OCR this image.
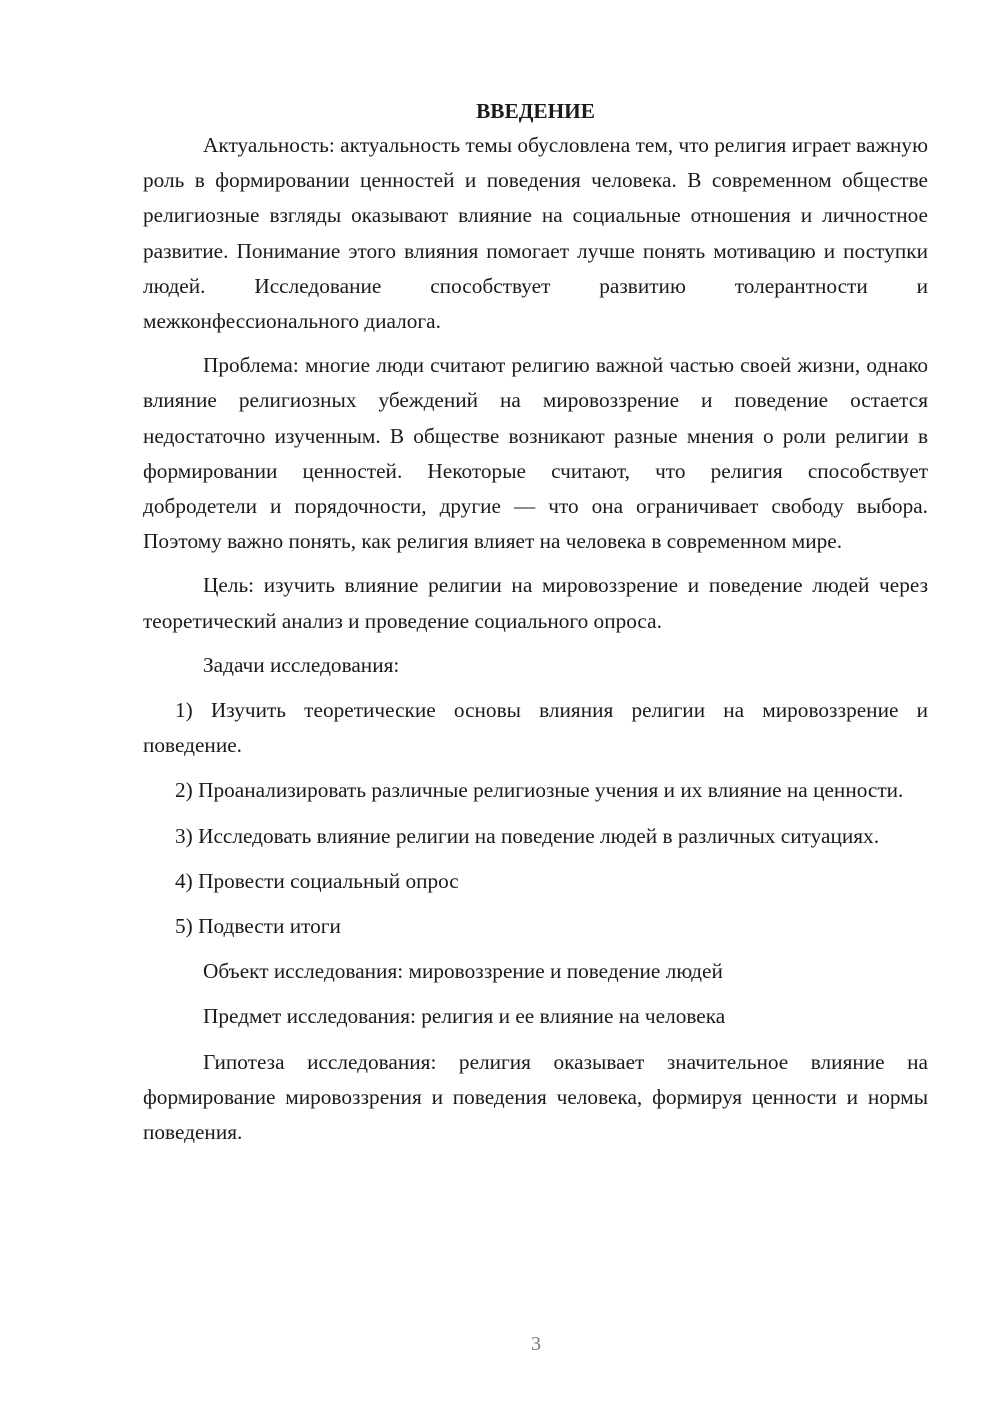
ВВЕДЕНИЕ

Актуальность: актуальность темы обусловлена тем, что религия играет важную роль в формировании ценностей и поведения человека. В современном обществе религиозные взгляды оказывают влияние на социальные отношения и личностное развитие. Понимание этого влияния помогает лучше понять мотивацию и поступки людей. Исследование способствует развитию толерантности и межконфессионального диалога.

Проблема: многие люди считают религию важной частью своей жизни, однако влияние религиозных убеждений на мировоззрение и поведение остается недостаточно изученным. В обществе возникают разные мнения о роли религии в формировании ценностей. Некоторые считают, что религия способствует добродетели и порядочности, другие — что она ограничивает свободу выбора. Поэтому важно понять, как религия влияет на человека в современном мире.

Цель: изучить влияние религии на мировоззрение и поведение людей через теоретический анализ и проведение социального опроса.

Задачи исследования:

1) Изучить теоретические основы влияния религии на мировоззрение и поведение.

2) Проанализировать различные религиозные учения и их влияние на ценности.

3) Исследовать влияние религии на поведение людей в различных ситуациях.

4) Провести социальный опрос

5) Подвести итоги

Объект исследования: мировоззрение и поведение людей

Предмет исследования: религия и ее влияние на человека

Гипотеза исследования: религия оказывает значительное влияние на формирование мировоззрения и поведения человека, формируя ценности и нормы поведения.

3
